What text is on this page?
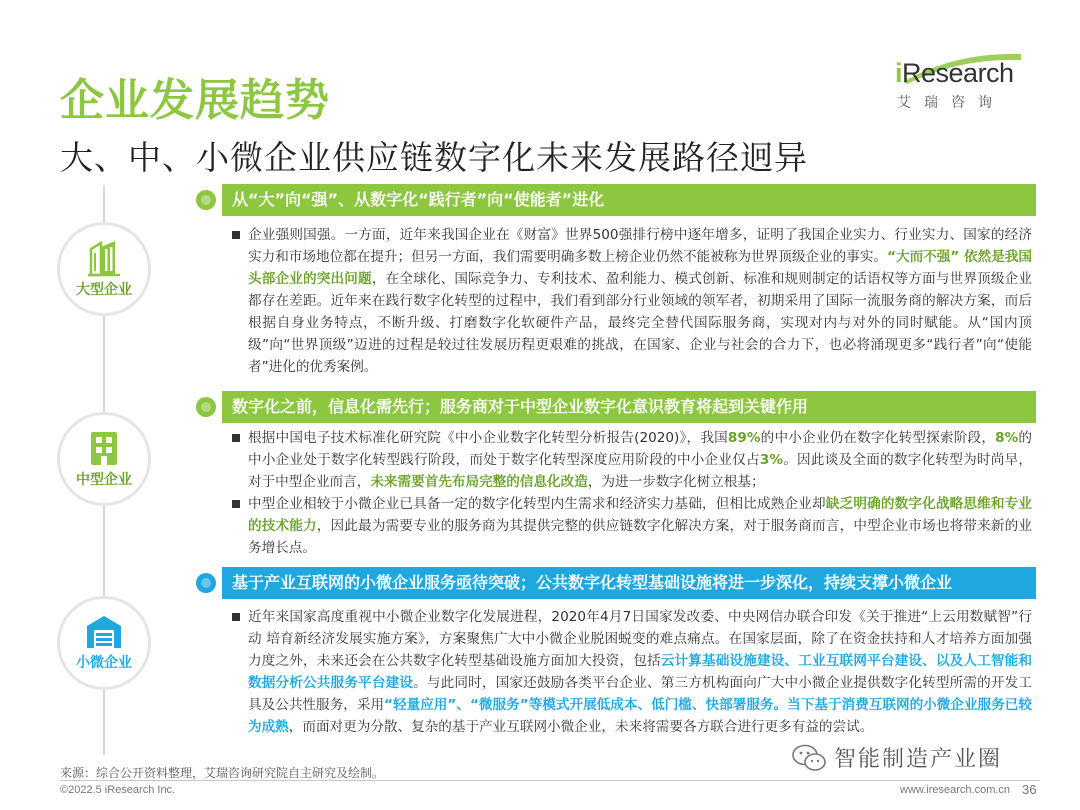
企业发展趋势
大、中、小微企业供应链数字化未来发展路径迥异
iResearch
艾瑞咨询
大型企业
中型企业
小微企业
从“大”向“强”、从数字化“践行者”向“使能者”进化
企业强则国强。一方面，近年来我国企业在《财富》世界500强排行榜中逐年增多，证明了我国企业实力、行业实力、国家的经济实力和市场地位都在提升；但另一方面，我们需要明确多数上榜企业仍然不能被称为世界顶级企业的事实。“大而不强” 依然是我国头部企业的突出问题，在全球化、国际竞争力、专利技术、盈利能力、模式创新、标准和规则制定的话语权等方面与世界顶级企业都存在差距。近年来在践行数字化转型的过程中，我们看到部分行业领域的领军者，初期采用了国际一流服务商的解决方案，而后根据自身业务特点，不断升级、打磨数字化软硬件产品，最终完全替代国际服务商，实现对内与对外的同时赋能。从“国内顶级”向“世界顶级”迈进的过程是较过往发展历程更艰难的挑战，在国家、企业与社会的合力下，也必将涌现更多“践行者”向“使能者”进化的优秀案例。
数字化之前，信息化需先行；服务商对于中型企业数字化意识教育将起到关键作用
根据中国电子技术标准化研究院《中小企业数字化转型分析报告(2020)》，我国89%的中小企业仍在数字化转型探索阶段，8%的中小企业处于数字化转型践行阶段，而处于数字化转型深度应用阶段的中小企业仅占3%。因此谈及全面的数字化转型为时尚早，对于中型企业而言，未来需要首先布局完整的信息化改造，为进一步数字化树立根基；
中型企业相较于小微企业已具备一定的数字化转型内生需求和经济实力基础，但相比成熟企业却缺乏明确的数字化战略思维和专业的技术能力，因此最为需要专业的服务商为其提供完整的供应链数字化解决方案，对于服务商而言，中型企业市场也将带来新的业务增长点。
基于产业互联网的小微企业服务亟待突破；公共数字化转型基础设施将进一步深化，持续支撑小微企业
近年来国家高度重视中小微企业数字化发展进程，2020年4月7日国家发改委、中央网信办联合印发《关于推进“上云用数赋智”行动 培育新经济发展实施方案》，方案聚焦广大中小微企业脱困蜕变的难点痛点。在国家层面，除了在资金扶持和人才培养方面加强力度之外，未来还会在公共数字化转型基础设施方面加大投资，包括云计算基础设施建设、工业互联网平台建设、以及人工智能和数据分析公共服务平台建设。与此同时，国家还鼓励各类平台企业、第三方机构面向广大中小微企业提供数字化转型所需的开发工具及公共性服务，采用“轻量应用”、“微服务”等模式开展低成本、低门槛、快部署服务。当下基于消费互联网的小微企业服务已较为成熟，而面对更为分散、复杂的基于产业互联网小微企业，未来将需要各方联合进行更多有益的尝试。
来源：综合公开资料整理，艾瑞咨询研究院自主研究及绘制。
智能制造产业圈
©2022.5 iResearch Inc.	www.iresearch.com.cn 36
